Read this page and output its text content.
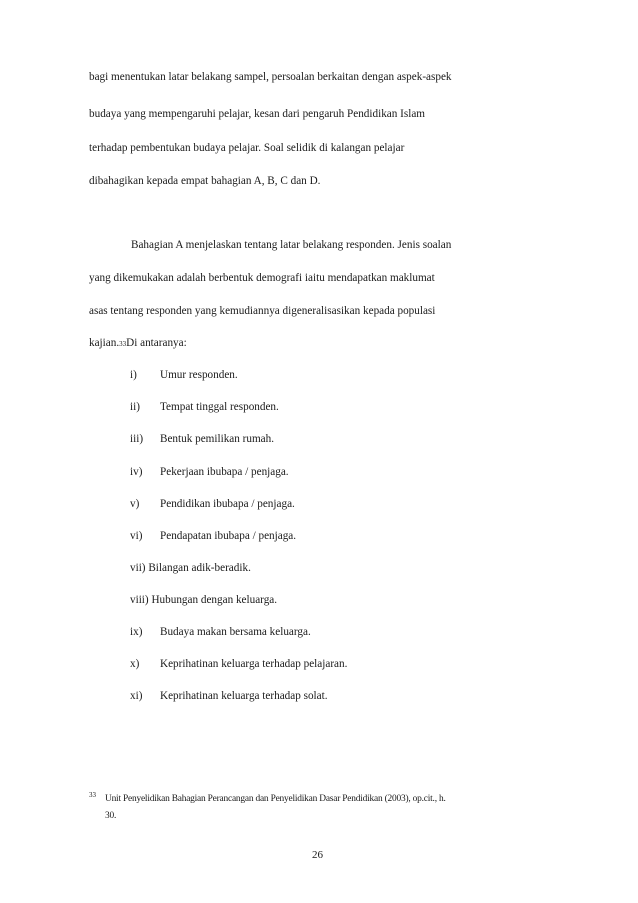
bagi menentukan latar belakang sampel, persoalan berkaitan dengan aspek-aspek
budaya yang mempengaruhi pelajar, kesan dari pengaruh Pendidikan Islam
terhadap pembentukan budaya pelajar. Soal selidik di kalangan pelajar
dibahagikan kepada empat bahagian A, B, C dan D.
Bahagian A menjelaskan tentang latar belakang responden. Jenis soalan
yang dikemukakan adalah berbentuk demografi iaitu mendapatkan maklumat
asas tentang responden yang kemudiannya digeneralisasikan kepada populasi
kajian.33Di antaranya:
i) Umur responden.
ii) Tempat tinggal responden.
iii) Bentuk pemilikan rumah.
iv) Pekerjaan ibubapa / penjaga.
v) Pendidikan ibubapa / penjaga.
vi) Pendapatan ibubapa / penjaga.
vii) Bilangan adik-beradik.
viii) Hubungan dengan keluarga.
ix) Budaya makan bersama keluarga.
x) Keprihatinan keluarga terhadap pelajaran.
xi) Keprihatinan keluarga terhadap solat.
33 Unit Penyelidikan Bahagian Perancangan dan Penyelidikan Dasar Pendidikan (2003), op.cit., h.
30.
26
